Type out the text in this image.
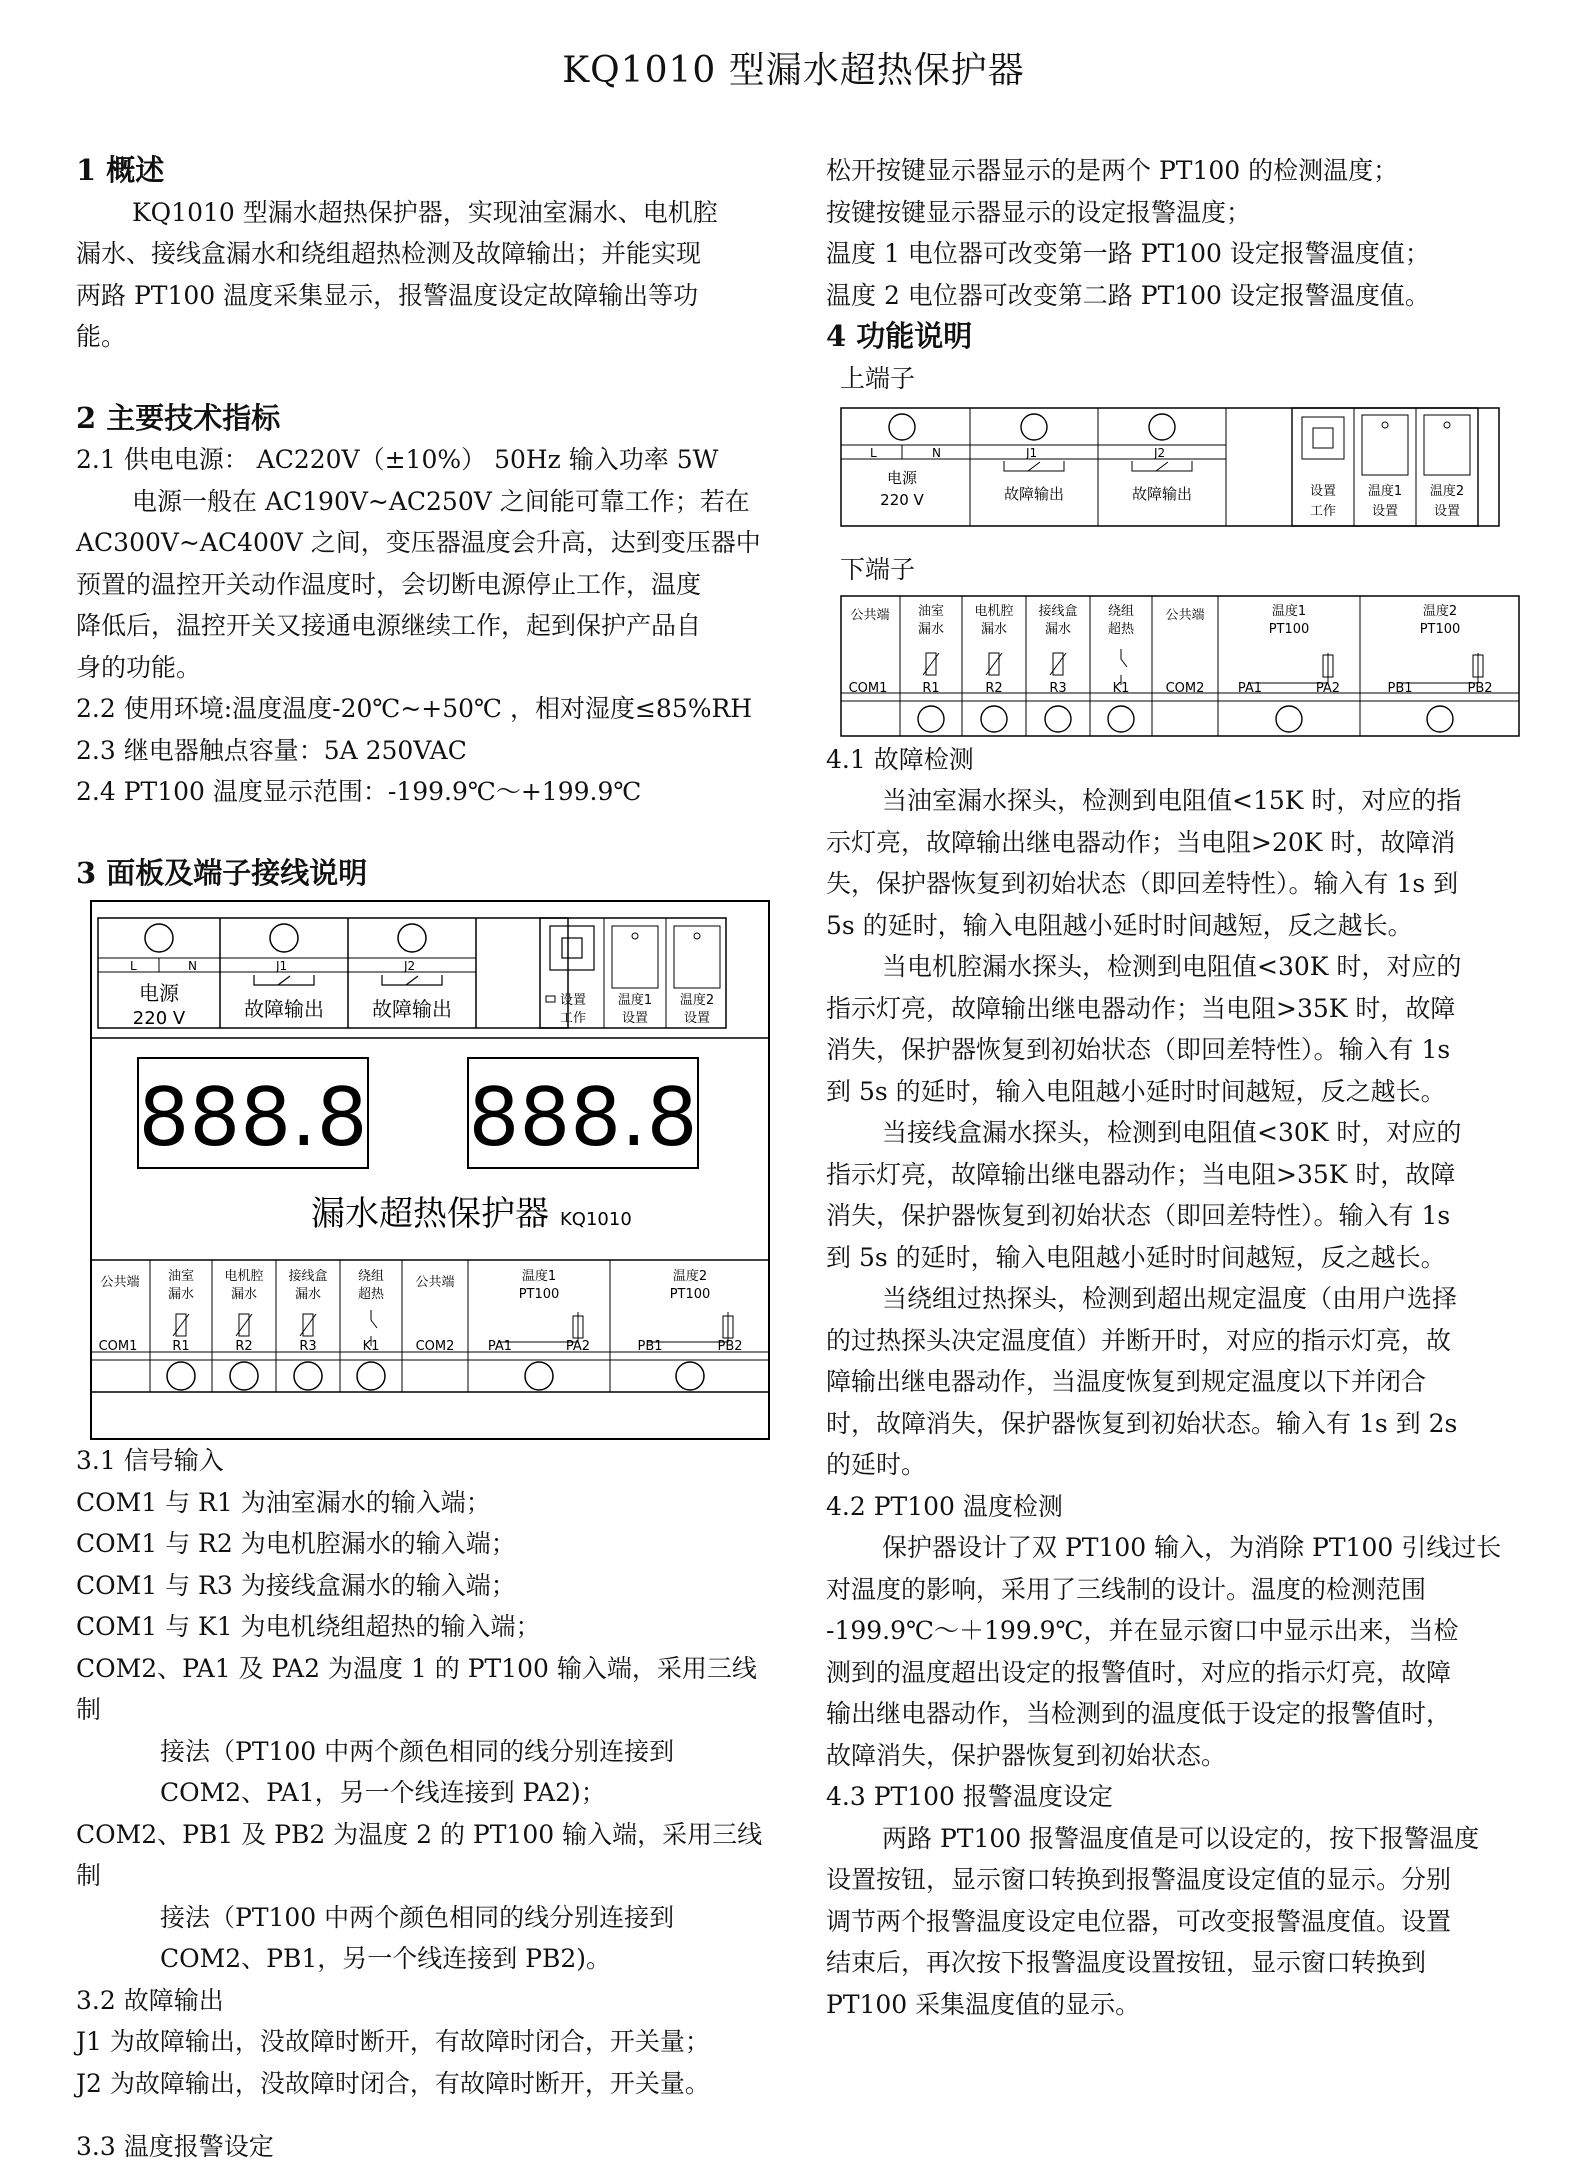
KQ1010 型漏水超热保护器

1 概述

KQ1010 型漏水超热保护器，实现油室漏水、电机腔

漏水、接线盒漏水和绕组超热检测及故障输出；并能实现

两路 PT100 温度采集显示，报警温度设定故障输出等功

能。

2 主要技术指标

2.1 供电电源： AC220V（±10%） 50Hz 输入功率 5W

电源一般在 AC190V~AC250V 之间能可靠工作；若在

AC300V~AC400V 之间，变压器温度会升高，达到变压器中

预置的温控开关动作温度时，会切断电源停止工作，温度

降低后，温控开关又接通电源继续工作，起到保护产品自

身的功能。

2.2 使用环境:温度温度-20℃~+50℃ ，相对湿度≤85%RH

2.3 继电器触点容量：5A 250VAC

2.4 PT100 温度显示范围：-199.9℃～+199.9℃

3 面板及端子接线说明

L	N	J1	J2
电源
220 V	故障输出 故障输出	设置
工作
温度1
设置
温度2
设置
888.8 888.8
漏水超热保护器 KQ1010
公共端 油室
漏水
电机腔
漏水
接线盒
漏水
绕组
超热
公共端	温度1
PT100
温度2
PT100
COM1	R1	R2	R3	K1	COM2	PA1	PA2	PB1	PB2

3.1 信号输入

COM1 与 R1 为油室漏水的输入端；

COM1 与 R2 为电机腔漏水的输入端；

COM1 与 R3 为接线盒漏水的输入端；

COM1 与 K1 为电机绕组超热的输入端；

COM2、PA1 及 PA2 为温度 1 的 PT100 输入端，采用三线制

接法（PT100 中两个颜色相同的线分别连接到

COM2、PA1，另一个线连接到 PA2)；

COM2、PB1 及 PB2 为温度 2 的 PT100 输入端，采用三线制

接法（PT100 中两个颜色相同的线分别连接到

COM2、PB1，另一个线连接到 PB2)。

3.2 故障输出

J1 为故障输出，没故障时断开，有故障时闭合，开关量；

J2 为故障输出，没故障时闭合，有故障时断开，开关量。

3.3 温度报警设定

松开按键显示器显示的是两个 PT100 的检测温度；

按键按键显示器显示的设定报警温度；

温度 1 电位器可改变第一路 PT100 设定报警温度值；

温度 2 电位器可改变第二路 PT100 设定报警温度值。

4 功能说明

上端子

L	N	J1	J2
电源
220 V	故障输出	故障输出	设置
工作
温度1
设置
温度2
设置

下端子

公共端 油室
漏水
电机腔
漏水
接线盒
漏水
绕组
超热
公共端	温度1
PT100
温度2
PT100
COM1	R1	R2	R3	K1	COM2	PA1	PA2	PB1	PB2

4.1 故障检测

当油室漏水探头，检测到电阻值<15K 时，对应的指

示灯亮，故障输出继电器动作；当电阻>20K 时，故障消

失，保护器恢复到初始状态（即回差特性）。输入有 1s 到

5s 的延时，输入电阻越小延时时间越短，反之越长。

当电机腔漏水探头，检测到电阻值<30K 时，对应的

指示灯亮，故障输出继电器动作；当电阻>35K 时，故障

消失，保护器恢复到初始状态（即回差特性）。输入有 1s

到 5s 的延时，输入电阻越小延时时间越短，反之越长。

当接线盒漏水探头，检测到电阻值<30K 时，对应的

指示灯亮，故障输出继电器动作；当电阻>35K 时，故障

消失，保护器恢复到初始状态（即回差特性）。输入有 1s

到 5s 的延时，输入电阻越小延时时间越短，反之越长。

当绕组过热探头，检测到超出规定温度（由用户选择

的过热探头决定温度值）并断开时，对应的指示灯亮，故

障输出继电器动作，当温度恢复到规定温度以下并闭合

时，故障消失，保护器恢复到初始状态。输入有 1s 到 2s

的延时。

4.2 PT100 温度检测

保护器设计了双 PT100 输入，为消除 PT100 引线过长

对温度的影响，采用了三线制的设计。温度的检测范围

-199.9℃～＋199.9℃，并在显示窗口中显示出来，当检

测到的温度超出设定的报警值时，对应的指示灯亮，故障

输出继电器动作，当检测到的温度低于设定的报警值时，

故障消失，保护器恢复到初始状态。

4.3 PT100 报警温度设定

两路 PT100 报警温度值是可以设定的，按下报警温度

设置按钮，显示窗口转换到报警温度设定值的显示。分别

调节两个报警温度设定电位器，可改变报警温度值。设置

结束后，再次按下报警温度设置按钮，显示窗口转换到

PT100 采集温度值的显示。
